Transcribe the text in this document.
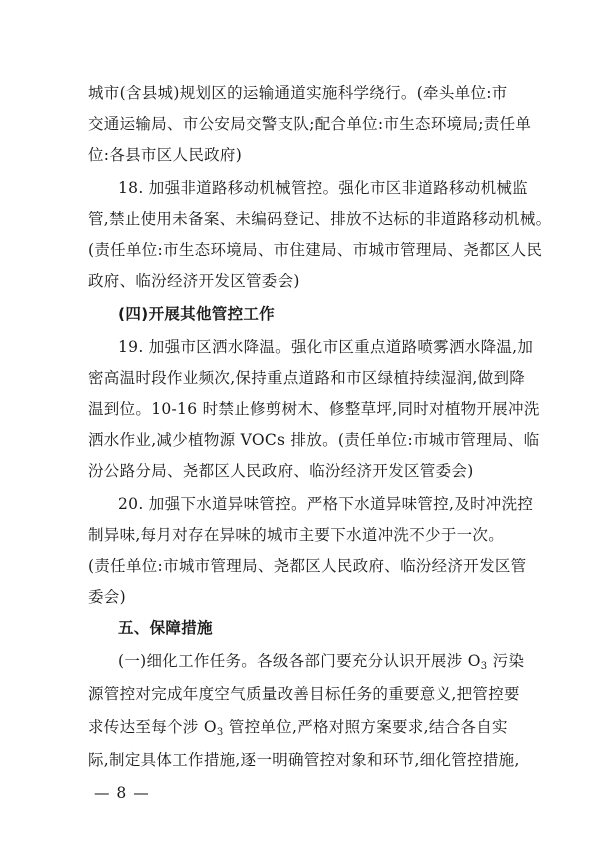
城市(含县城)规划区的运输通道实施科学绕行。(牵头单位:市
交通运输局、市公安局交警支队;配合单位:市生态环境局;责任单
位:各县市区人民政府)
18. 加强非道路移动机械管控。强化市区非道路移动机械监
管,禁止使用未备案、未编码登记、排放不达标的非道路移动机械。
(责任单位:市生态环境局、市住建局、市城市管理局、尧都区人民
政府、临汾经济开发区管委会)
(四)开展其他管控工作
19. 加强市区洒水降温。强化市区重点道路喷雾洒水降温,加
密高温时段作业频次,保持重点道路和市区绿植持续湿润,做到降
温到位。10-16 时禁止修剪树木、修整草坪,同时对植物开展冲洗
洒水作业,减少植物源 VOCs 排放。(责任单位:市城市管理局、临
汾公路分局、尧都区人民政府、临汾经济开发区管委会)
20. 加强下水道异味管控。严格下水道异味管控,及时冲洗控
制异味,每月对存在异味的城市主要下水道冲洗不少于一次。
(责任单位:市城市管理局、尧都区人民政府、临汾经济开发区管
委会)
五、保障措施
(一)细化工作任务。各级各部门要充分认识开展涉 $O_3$ 污染
源管控对完成年度空气质量改善目标任务的重要意义,把管控要
求传达至每个涉 $O_3$ 管控单位,严格对照方案要求,结合各自实
— 8 —
际,制定具体工作措施,逐一明确管控对象和环节,细化管控措施,
